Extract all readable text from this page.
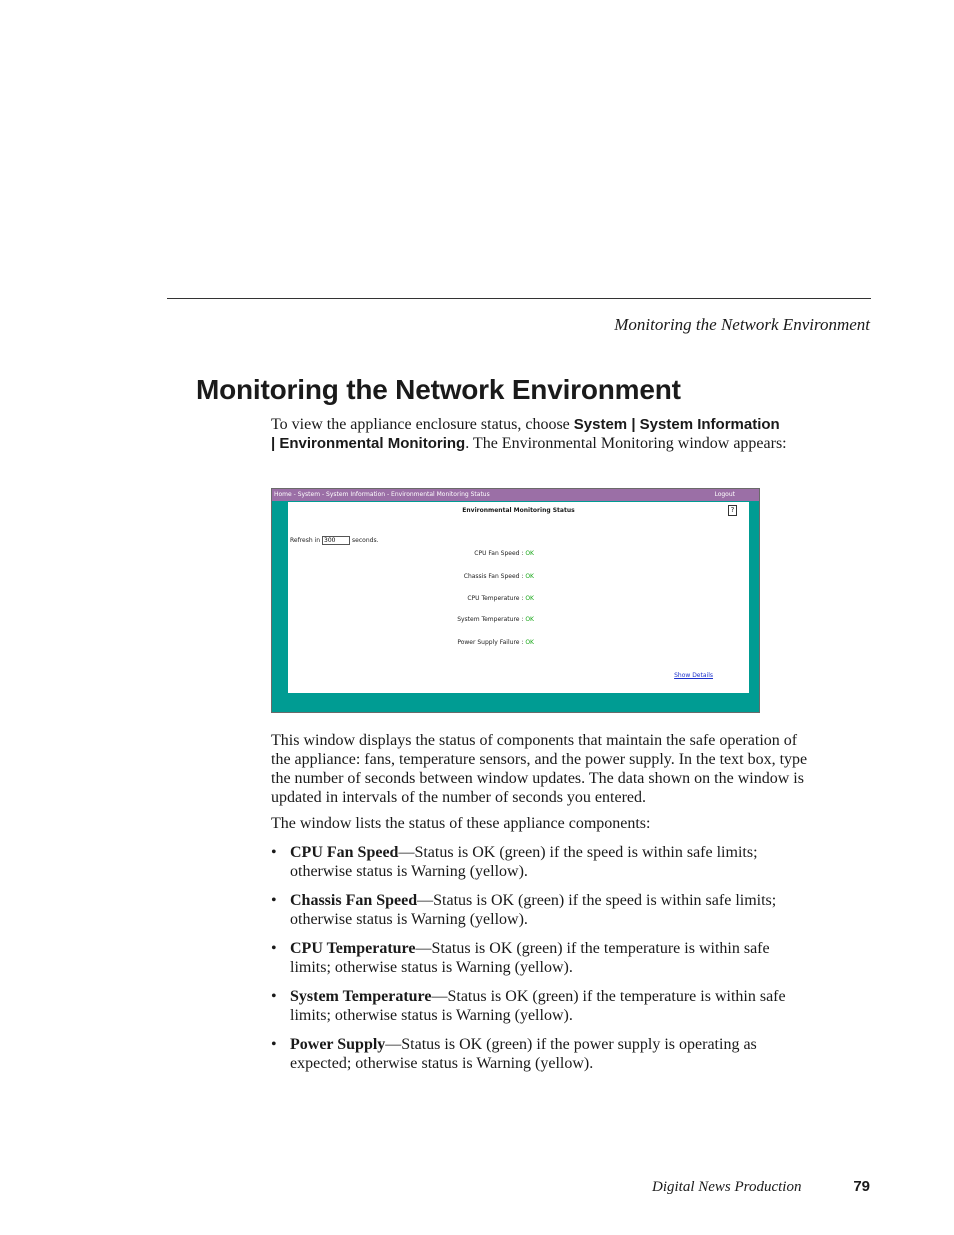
Monitoring the Network Environment
Monitoring the Network Environment
To view the appliance enclosure status, choose System | System Information
| Environmental Monitoring. The Environmental Monitoring window appears:
Home - System - System Information - Environmental Monitoring Status	Logout
Environmental Monitoring Status	?
Refresh in300	seconds.
CPU Fan Speed : OK
Chassis Fan Speed : OK
CPU Temperature : OK
System Temperature : OK
Power Supply Failure : OK
Show Details
This window displays the status of components that maintain the safe operation of the appliance: fans, temperature sensors, and the power supply. In the text box, type the number of seconds between window updates. The data shown on the window is updated in intervals of the number of seconds you entered.
The window lists the status of these appliance components:
• CPU Fan Speed—Status is OK (green) if the speed is within safe limits; otherwise status is Warning (yellow).
• Chassis Fan Speed—Status is OK (green) if the speed is within safe limits; otherwise status is Warning (yellow).
• CPU Temperature—Status is OK (green) if the temperature is within safe limits; otherwise status is Warning (yellow).
• System Temperature—Status is OK (green) if the temperature is within safe limits; otherwise status is Warning (yellow).
• Power Supply—Status is OK (green) if the power supply is operating as expected; otherwise status is Warning (yellow).
Digital News Production	79
